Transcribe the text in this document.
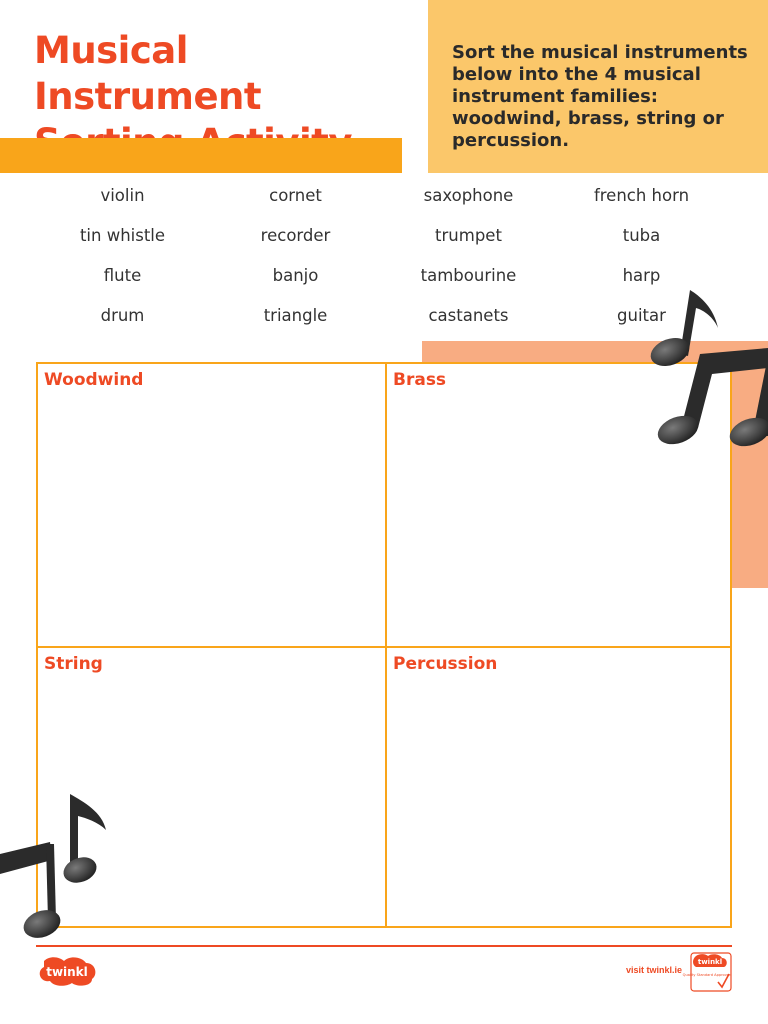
Musical Instrument
Sort the musical instruments below into the 4 musical instrument families: woodwind, brass, string or percussion.
violin	cornet	saxophone	french horn
tin whistle	recorder	trumpet	tuba
flute	banjo	tambourine	harp
drum	triangle	castanets	guitar
Woodwind	Brass
String	Percussion
twinkl	visit twinkl.ie
twinkl
Quality Standard Approved
